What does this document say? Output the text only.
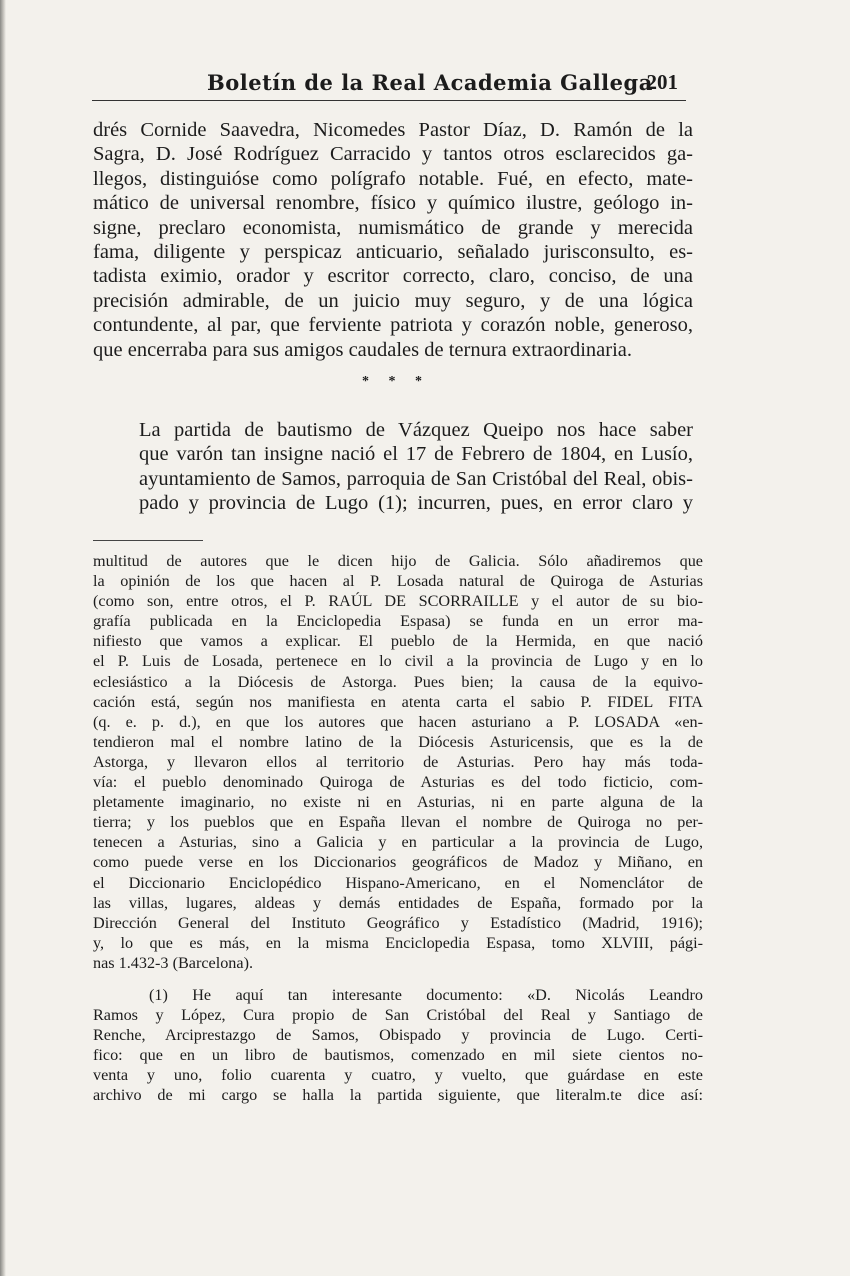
Boletín de la Real Academia Gallega
201
drés Cornide Saavedra, Nicomedes Pastor Díaz, D. Ramón de la
Sagra, D. José Rodríguez Carracido y tantos otros esclarecidos ga-
llegos, distinguióse como polígrafo notable. Fué, en efecto, mate-
mático de universal renombre, físico y químico ilustre, geólogo in-
signe, preclaro economista, numismático de grande y merecida
fama, diligente y perspicaz anticuario, señalado jurisconsulto, es-
tadista eximio, orador y escritor correcto, claro, conciso, de una
precisión admirable, de un juicio muy seguro, y de una lógica
contundente, al par, que ferviente patriota y corazón noble, generoso,
que encerraba para sus amigos caudales de ternura extraordinaria.
* * *
La partida de bautismo de Vázquez Queipo nos hace saber
que varón tan insigne nació el 17 de Febrero de 1804, en Lusío,
ayuntamiento de Samos, parroquia de San Cristóbal del Real, obis-
pado y provincia de Lugo (1); incurren, pues, en error claro y
multitud de autores que le dicen hijo de Galicia. Sólo añadiremos que
la opinión de los que hacen al P. Losada natural de Quiroga de Asturias
(como son, entre otros, el P. RAÚL DE SCORRAILLE y el autor de su bio-
grafía publicada en la Enciclopedia Espasa) se funda en un error ma-
nifiesto que vamos a explicar. El pueblo de la Hermida, en que nació
el P. Luis de Losada, pertenece en lo civil a la provincia de Lugo y en lo
eclesiástico a la Diócesis de Astorga. Pues bien; la causa de la equivo-
cación está, según nos manifiesta en atenta carta el sabio P. FIDEL FITA
(q. e. p. d.), en que los autores que hacen asturiano a P. LOSADA «en-
tendieron mal el nombre latino de la Diócesis Asturicensis, que es la de
Astorga, y llevaron ellos al territorio de Asturias. Pero hay más toda-
vía: el pueblo denominado Quiroga de Asturias es del todo ficticio, com-
pletamente imaginario, no existe ni en Asturias, ni en parte alguna de la
tierra; y los pueblos que en España llevan el nombre de Quiroga no per-
tenecen a Asturias, sino a Galicia y en particular a la provincia de Lugo,
como puede verse en los Diccionarios geográficos de Madoz y Miñano, en
el Diccionario Enciclopédico Hispano-Americano, en el Nomenclátor de
las villas, lugares, aldeas y demás entidades de España, formado por la
Dirección General del Instituto Geográfico y Estadístico (Madrid, 1916);
y, lo que es más, en la misma Enciclopedia Espasa, tomo XLVIII, pági-
nas 1.432-3 (Barcelona).
(1) He aquí tan interesante documento: «D. Nicolás Leandro
Ramos y López, Cura propio de San Cristóbal del Real y Santiago de
Renche, Arciprestazgo de Samos, Obispado y provincia de Lugo. Certi-
fico: que en un libro de bautismos, comenzado en mil siete cientos no-
venta y uno, folio cuarenta y cuatro, y vuelto, que guárdase en este
archivo de mi cargo se halla la partida siguiente, que literalm.te dice así:
